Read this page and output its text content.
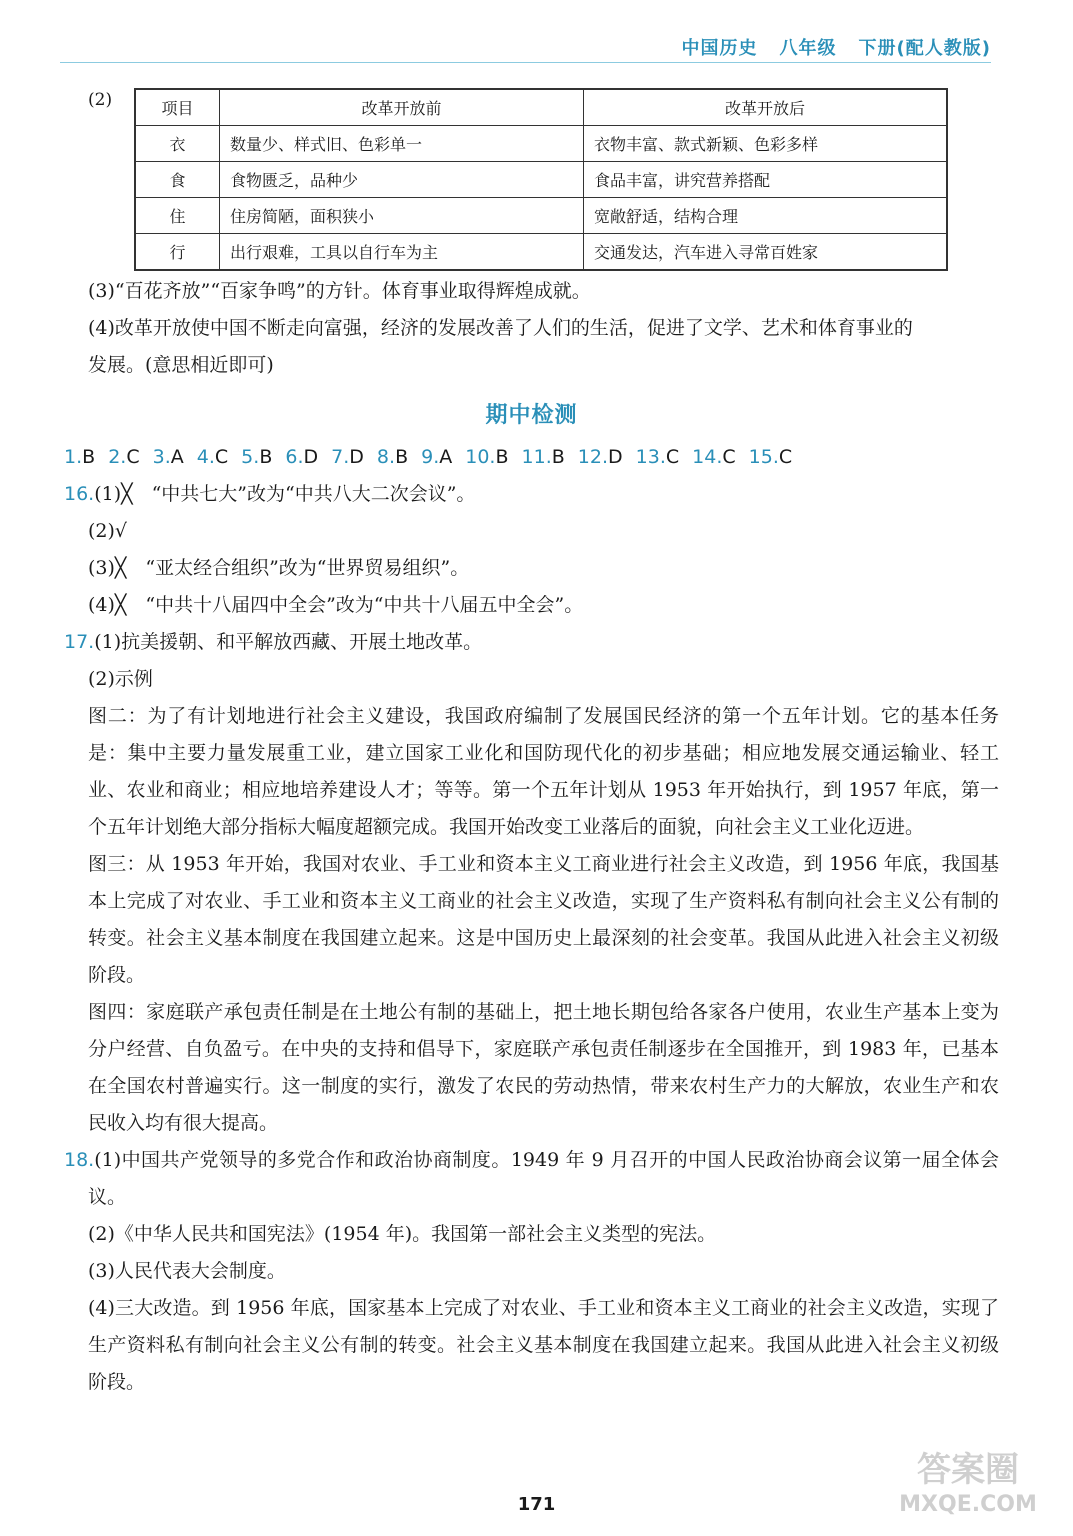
中国历史 八年级 下册(配人教版)
(2)	项目	改革开放前	改革开放后
衣	数量少、样式旧、色彩单一	衣物丰富、款式新颖、色彩多样
食	食物匮乏，品种少	食品丰富，讲究营养搭配
住	住房简陋，面积狭小	宽敞舒适，结构合理
行	出行艰难，工具以自行车为主	交通发达，汽车进入寻常百姓家
(3)“百花齐放”“百家争鸣”的方针。体育事业取得辉煌成就。
(4)改革开放使中国不断走向富强，经济的发展改善了人们的生活，促进了文学、艺术和体育事业的
发展。(意思相近即可)
期中检测
1.B 2.C 3.A 4.C 5.B 6.D 7.D 8.B 9.A 10.B 11.B 12.D 13.C 14.C 15.C
16.(1)╳　“中共七大”改为“中共八大二次会议”。
(2)√
(3)╳　“亚太经合组织”改为“世界贸易组织”。
(4)╳　“中共十八届四中全会”改为“中共十八届五中全会”。
17.(1)抗美援朝、和平解放西藏、开展土地改革。
(2)示例
图二：为了有计划地进行社会主义建设，我国政府编制了发展国民经济的第一个五年计划。它的基本任务是：集中主要力量发展重工业，建立国家工业化和国防现代化的初步基础；相应地发展交通运输业、轻工业、农业和商业；相应地培养建设人才；等等。第一个五年计划从 1953 年开始执行，到 1957 年底，第一个五年计划绝大部分指标大幅度超额完成。我国开始改变工业落后的面貌，向社会主义工业化迈进。
图三：从 1953 年开始，我国对农业、手工业和资本主义工商业进行社会主义改造，到 1956 年底，我国基本上完成了对农业、手工业和资本主义工商业的社会主义改造，实现了生产资料私有制向社会主义公有制的转变。社会主义基本制度在我国建立起来。这是中国历史上最深刻的社会变革。我国从此进入社会主义初级阶段。
图四：家庭联产承包责任制是在土地公有制的基础上，把土地长期包给各家各户使用，农业生产基本上变为分户经营、自负盈亏。在中央的支持和倡导下，家庭联产承包责任制逐步在全国推开，到 1983 年，已基本在全国农村普遍实行。这一制度的实行，激发了农民的劳动热情，带来农村生产力的大解放，农业生产和农民收入均有很大提高。
18.(1)中国共产党领导的多党合作和政治协商制度。1949 年 9 月召开的中国人民政治协商会议第一届全体会议。
(2)《中华人民共和国宪法》(1954 年)。我国第一部社会主义类型的宪法。
(3)人民代表大会制度。
(4)三大改造。到 1956 年底，国家基本上完成了对农业、手工业和资本主义工商业的社会主义改造，实现了生产资料私有制向社会主义公有制的转变。社会主义基本制度在我国建立起来。我国从此进入社会主义初级阶段。
171
答案圈
MXQE.COM
